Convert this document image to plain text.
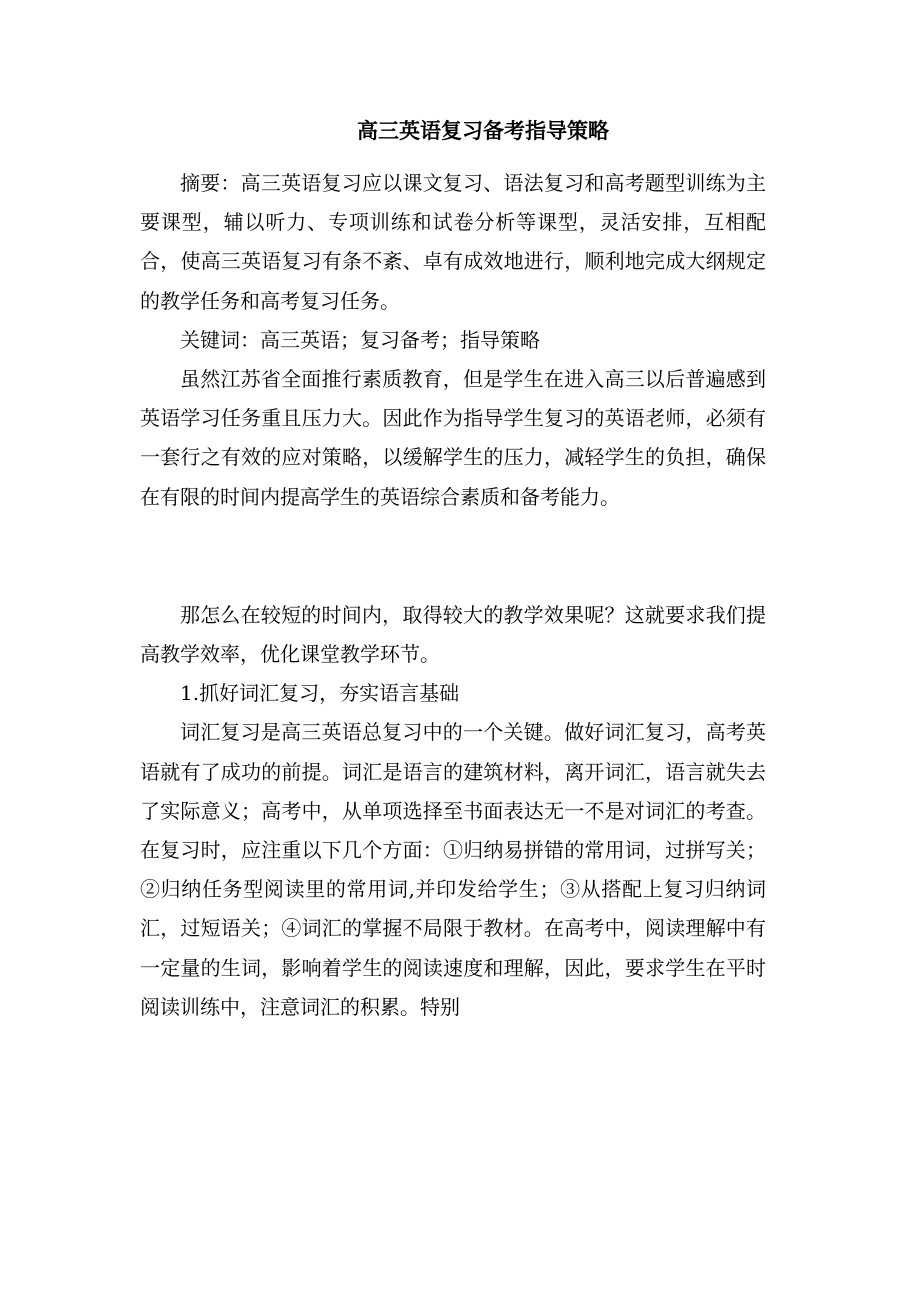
高三英语复习备考指导策略

摘要：高三英语复习应以课文复习、语法复习和高考题型训练为主要课型，辅以听力、专项训练和试卷分析等课型，灵活安排，互相配合，使高三英语复习有条不紊、卓有成效地进行，顺利地完成大纲规定的教学任务和高考复习任务。

关键词：高三英语；复习备考；指导策略

虽然江苏省全面推行素质教育，但是学生在进入高三以后普遍感到英语学习任务重且压力大。因此作为指导学生复习的英语老师，必须有一套行之有效的应对策略，以缓解学生的压力，减轻学生的负担，确保在有限的时间内提高学生的英语综合素质和备考能力。

那怎么在较短的时间内，取得较大的教学效果呢？这就要求我们提高教学效率，优化课堂教学环节。

1.抓好词汇复习，夯实语言基础

词汇复习是高三英语总复习中的一个关键。做好词汇复习，高考英语就有了成功的前提。词汇是语言的建筑材料，离开词汇，语言就失去了实际意义；高考中，从单项选择至书面表达无一不是对词汇的考查。在复习时，应注重以下几个方面：①归纳易拼错的常用词，过拼写关；②归纳任务型阅读里的常用词,并印发给学生；③从搭配上复习归纳词汇，过短语关；④词汇的掌握不局限于教材。在高考中，阅读理解中有一定量的生词，影响着学生的阅读速度和理解，因此，要求学生在平时阅读训练中，注意词汇的积累。特别
